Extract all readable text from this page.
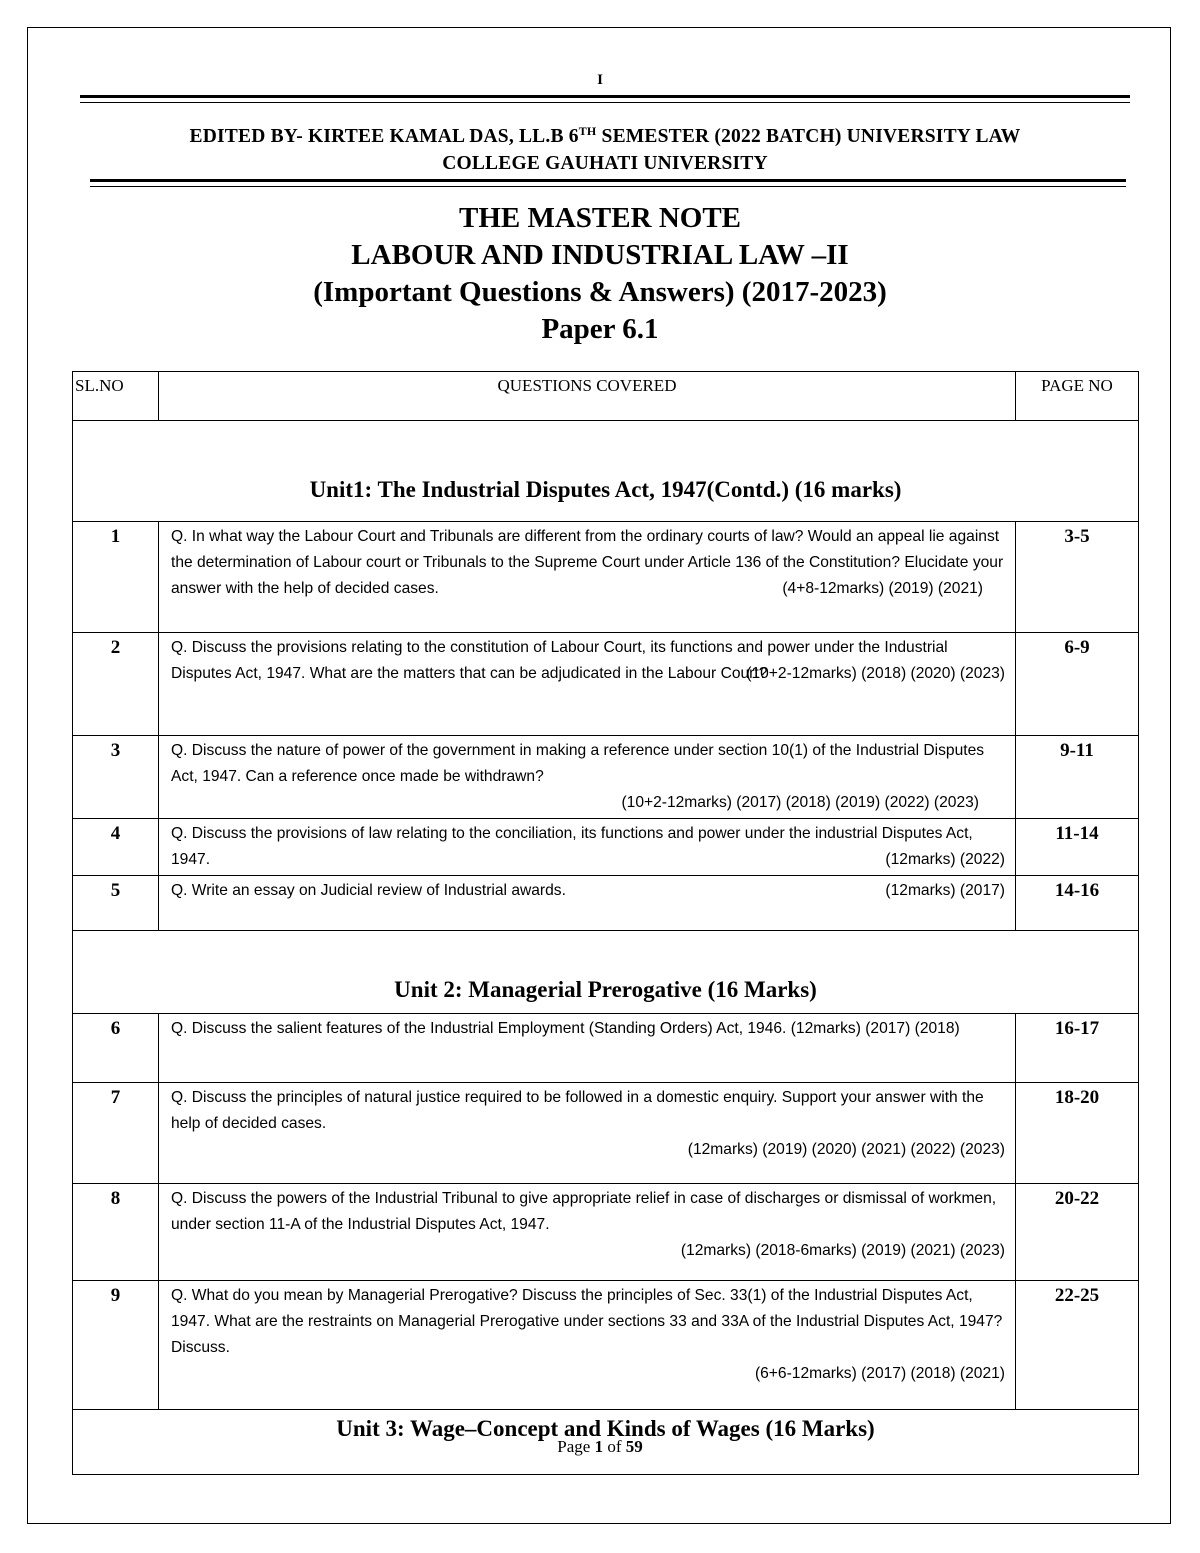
I
EDITED BY- KIRTEE KAMAL DAS, LL.B 6TH SEMESTER (2022 BATCH) UNIVERSITY LAW
COLLEGE GAUHATI UNIVERSITY
THE MASTER NOTE
LABOUR AND INDUSTRIAL LAW –II
(Important Questions & Answers) (2017-2023)
Paper 6.1
SL.NO	QUESTIONS COVERED	PAGE NO
Unit1: The Industrial Disputes Act, 1947(Contd.) (16 marks)		
1	Q. In what way the Labour Court and Tribunals are different from the ordinary courts of law? Would an appeal lie against the determination of Labour court or Tribunals to the Supreme Court under Article 136 of the Constitution? Elucidate your answer with the help of decided cases. (4+8-12marks) (2019) (2021)	3-5
2	Q. Discuss the provisions relating to the constitution of Labour Court, its functions and power under the Industrial Disputes Act, 1947. What are the matters that can be adjudicated in the Labour Court?
(10+2-12marks) (2018) (2020) (2023)	6-9
3	Q. Discuss the nature of power of the government in making a reference under section 10(1) of the Industrial Disputes Act, 1947. Can a reference once made be withdrawn?
(10+2-12marks) (2017) (2018) (2019) (2022) (2023)	9-11
4	Q. Discuss the provisions of law relating to the conciliation, its functions and power under the industrial Disputes Act, 1947. (12marks) (2022)	11-14
5	(12marks) (2017)
Q. Write an essay on Judicial review of Industrial awards.	14-16
Unit 2: Managerial Prerogative (16 Marks)		
6	Q. Discuss the salient features of the Industrial Employment (Standing Orders) Act, 1946. (12marks) (2017) (2018)	16-17
7	Q. Discuss the principles of natural justice required to be followed in a domestic enquiry. Support your answer with the help of decided cases.
(12marks) (2019) (2020) (2021) (2022) (2023)	18-20
8	Q. Discuss the powers of the Industrial Tribunal to give appropriate relief in case of discharges or dismissal of workmen, under section 11-A of the Industrial Disputes Act, 1947.
(12marks) (2018-6marks) (2019) (2021) (2023)	20-22
9	Q. What do you mean by Managerial Prerogative? Discuss the principles of Sec. 33(1) of the Industrial Disputes Act, 1947. What are the restraints on Managerial Prerogative under sections 33 and 33A of the Industrial Disputes Act, 1947? Discuss.
(6+6-12marks) (2017) (2018) (2021)	22-25
Unit 3: Wage–Concept and Kinds of Wages (16 Marks)		
Page 1 of 59
